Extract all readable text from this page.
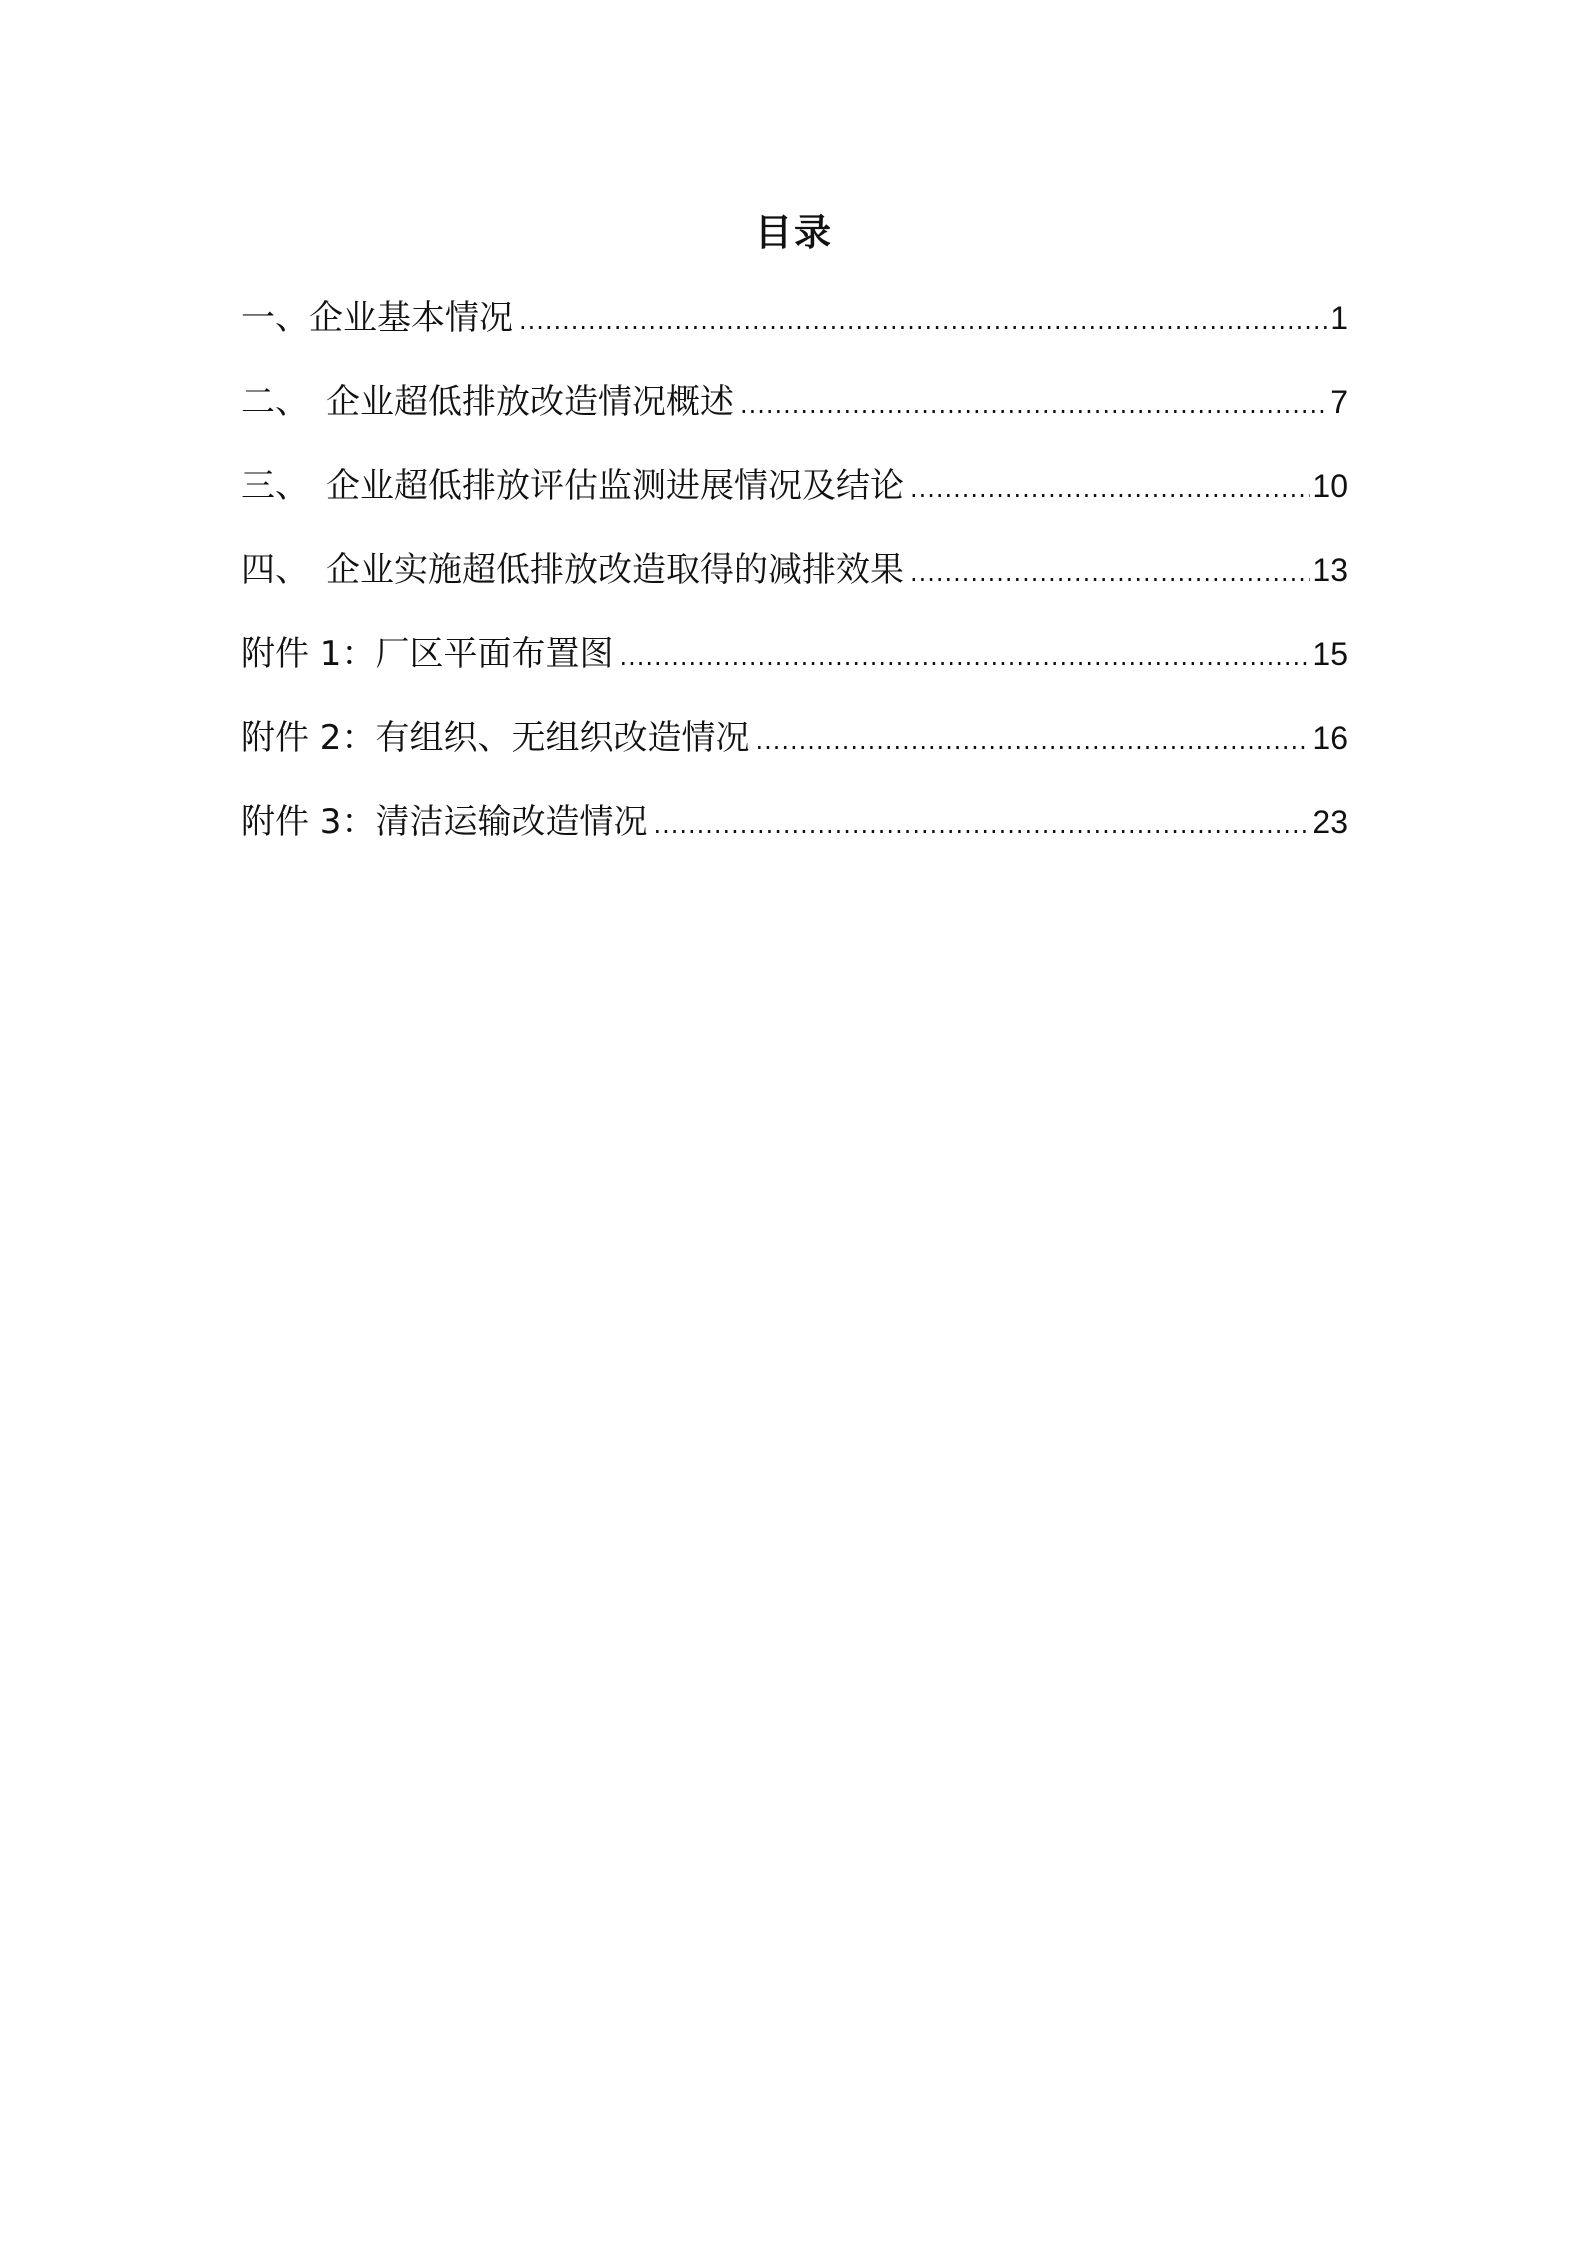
目录
一、 企业基本情况 .....	1
二、　 企业超低排放改造情况概述 .....	7
三、　 企业超低排放评估监测进展情况及结论 .....	10
四、　 企业实施超低排放改造取得的减排效果 .....	13
附件 1： 厂区平面布置图 .....	15
附件 2： 有组织、无组织改造情况 .....	16
附件 3： 清洁运输改造情况 .....	23
